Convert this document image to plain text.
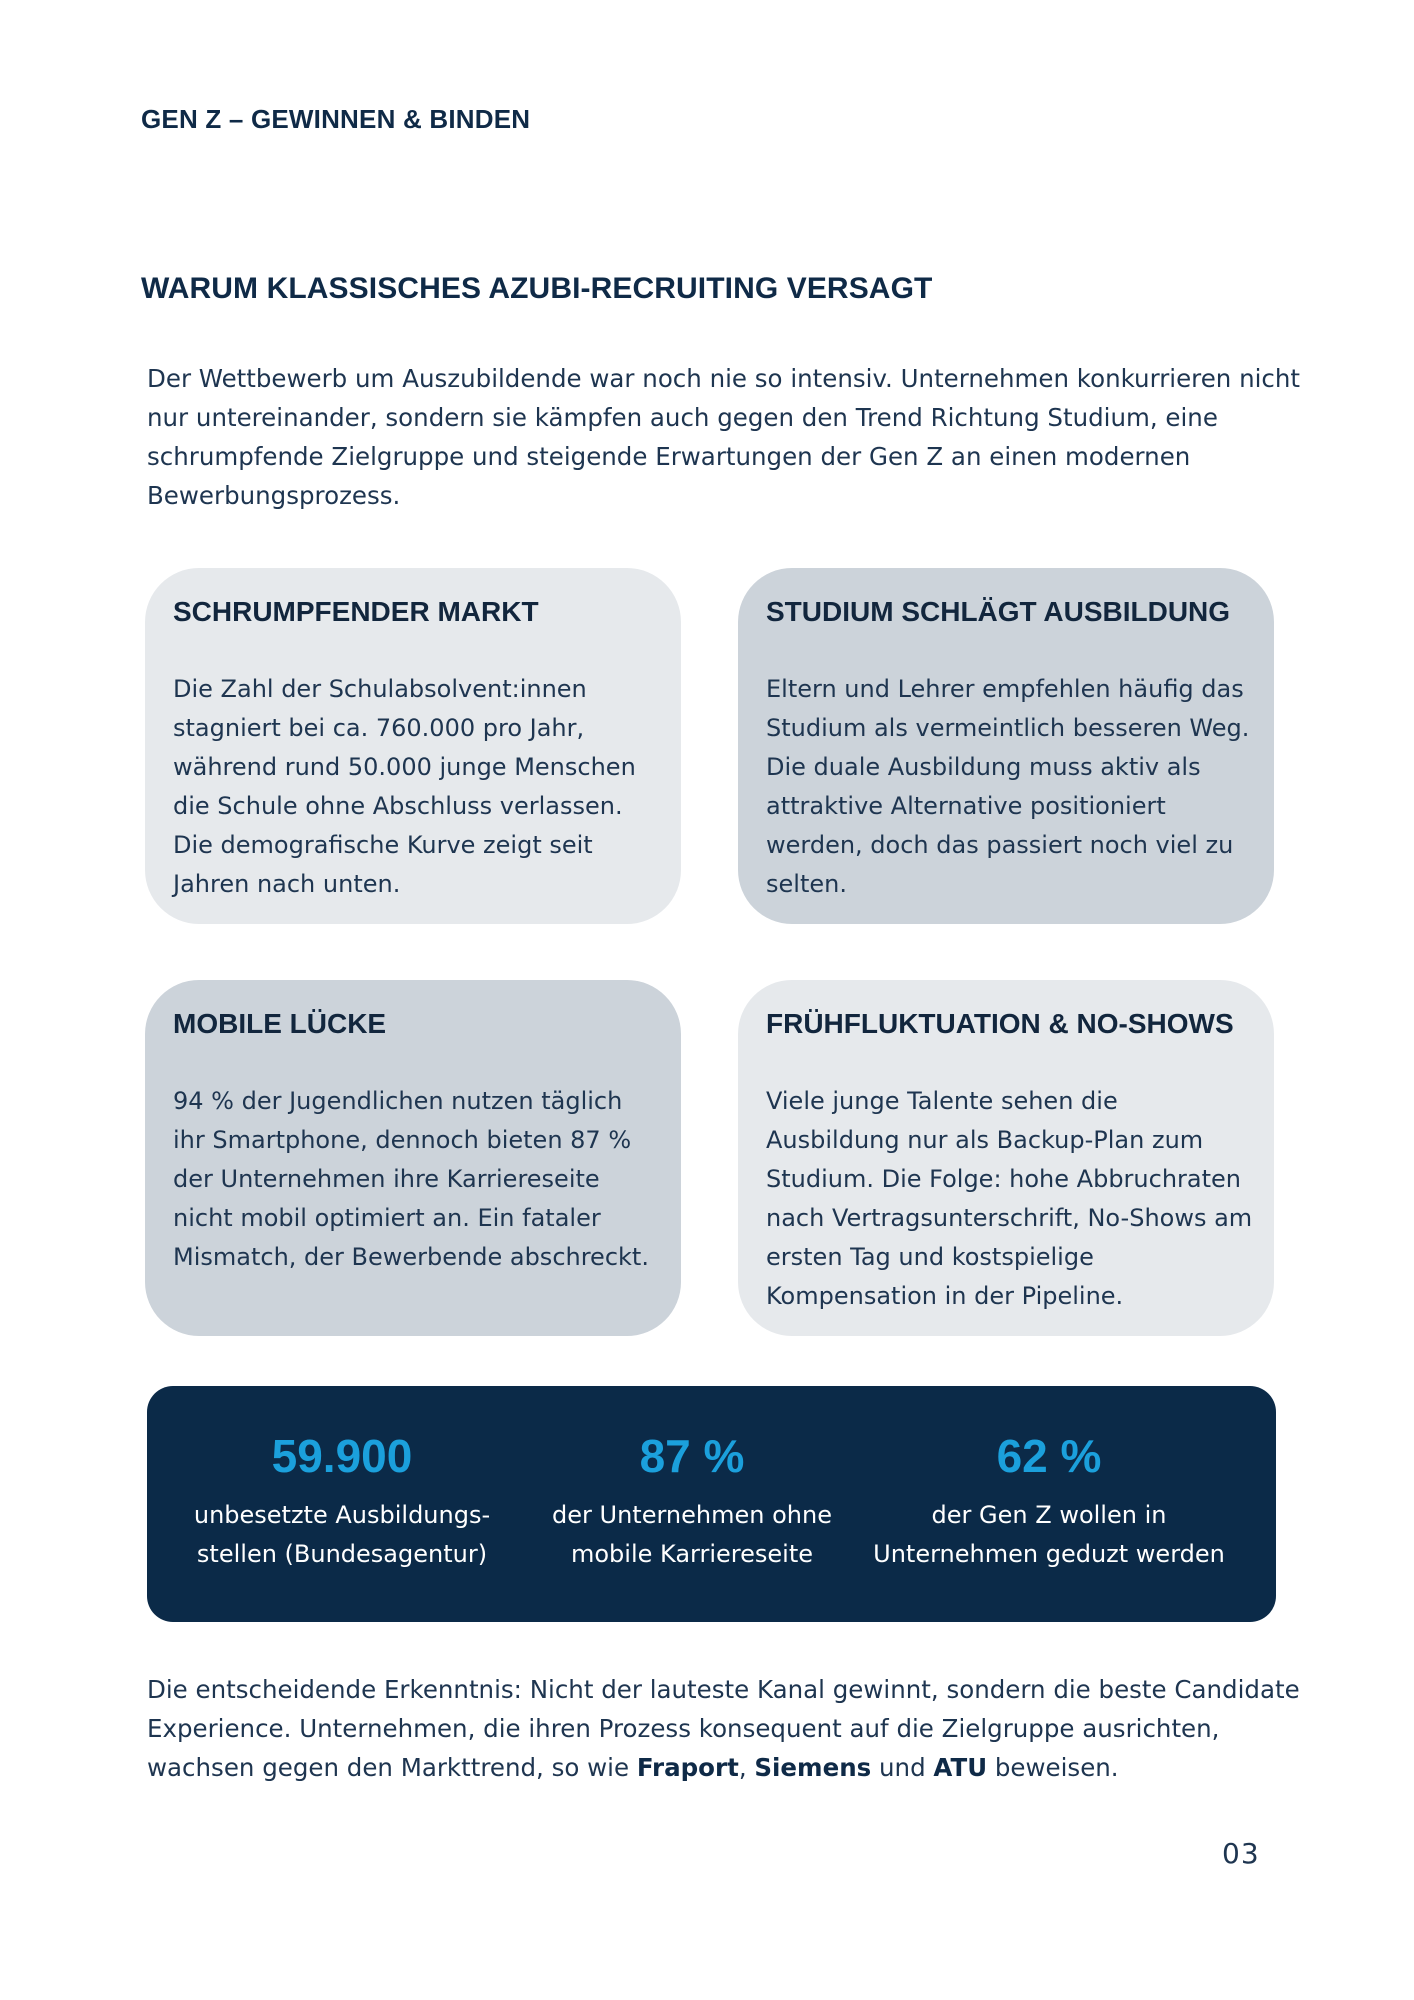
GEN Z – GEWINNEN & BINDEN
WARUM KLASSISCHES AZUBI-RECRUITING VERSAGT

Der Wettbewerb um Auszubildende war noch nie so intensiv. Unternehmen konkurrieren nicht nur untereinander, sondern sie kämpfen auch gegen den Trend Richtung Studium, eine schrumpfende Zielgruppe und steigende Erwartungen der Gen Z an einen modernen Bewerbungsprozess.

SCHRUMPFENDER MARKT

Die Zahl der Schulabsolvent:innen stagniert bei ca. 760.000 pro Jahr, während rund 50.000 junge Menschen die Schule ohne Abschluss verlassen. Die demografische Kurve zeigt seit Jahren nach unten.

STUDIUM SCHLÄGT AUSBILDUNG

Eltern und Lehrer empfehlen häufig das Studium als vermeintlich besseren Weg. Die duale Ausbildung muss aktiv als attraktive Alternative positioniert werden, doch das passiert noch viel zu selten.

MOBILE LÜCKE

94 % der Jugendlichen nutzen täglich ihr Smartphone, dennoch bieten 87 % der Unternehmen ihre Karriereseite nicht mobil optimiert an. Ein fataler Mismatch, der Bewerbende abschreckt.

FRÜHFLUKTUATION & NO-SHOWS

Viele junge Talente sehen die Ausbildung nur als Backup-Plan zum Studium. Die Folge: hohe Abbruchraten nach Vertragsunterschrift, No-Shows am ersten Tag und kostspielige Kompensation in der Pipeline.

59.900
unbesetzte Ausbildungs-
stellen (Bundesagentur)
87 %
der Unternehmen ohne
mobile Karriereseite
62 %
der Gen Z wollen in
Unternehmen geduzt werden

Die entscheidende Erkenntnis: Nicht der lauteste Kanal gewinnt, sondern die beste Candidate Experience. Unternehmen, die ihren Prozess konsequent auf die Zielgruppe ausrichten, wachsen gegen den Markttrend, so wie Fraport, Siemens und ATU beweisen.

03
